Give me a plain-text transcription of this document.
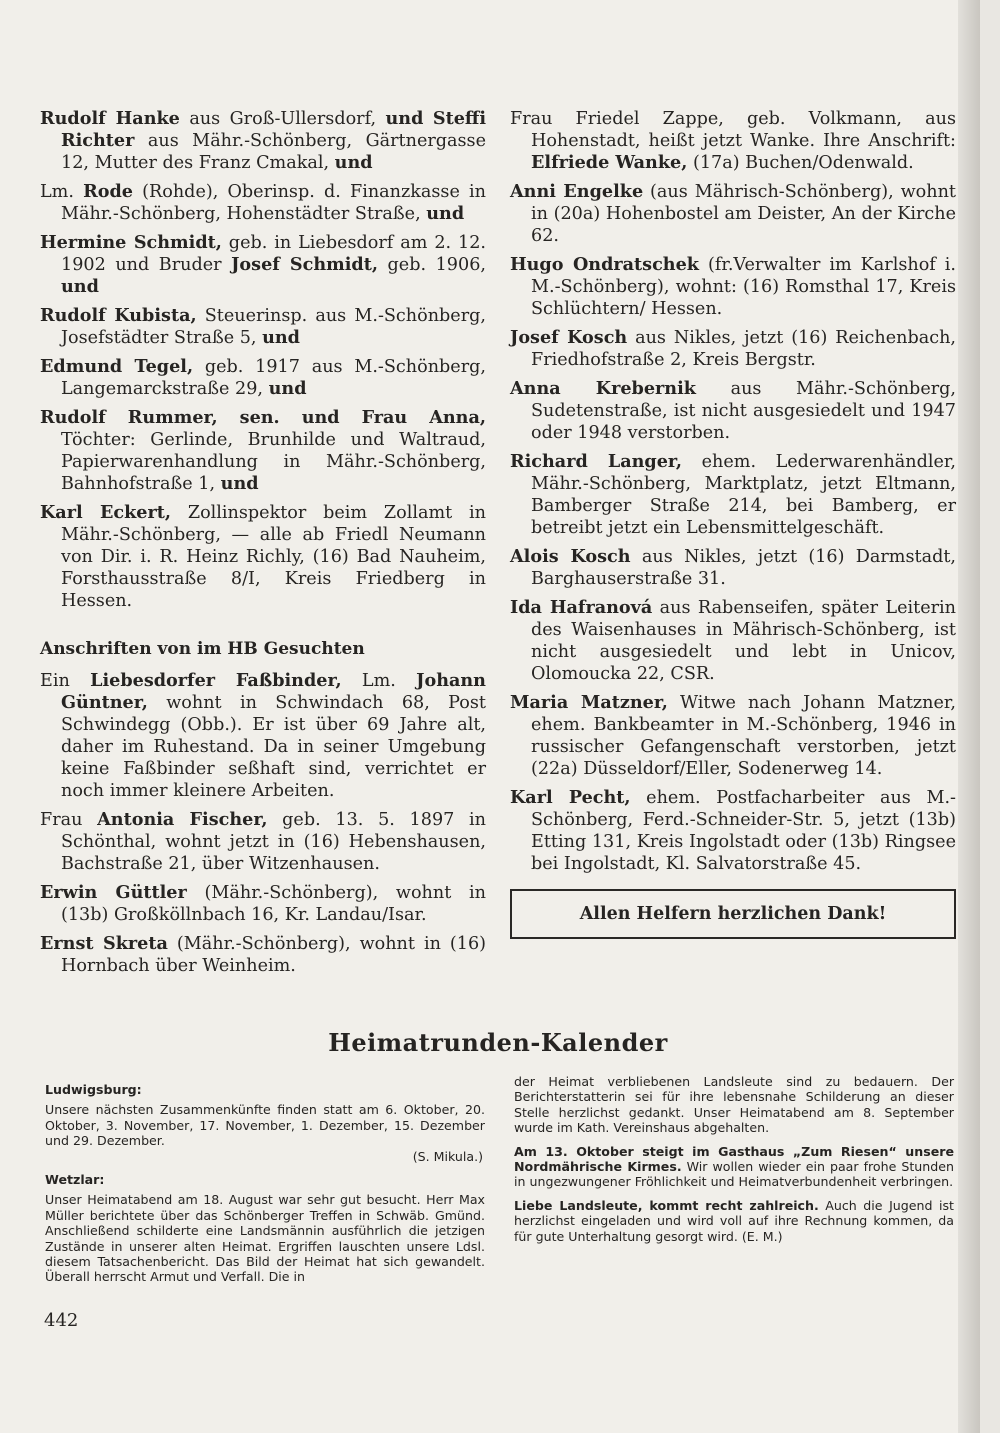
Rudolf Hanke aus Groß-Ullersdorf, und Steffi Richter aus Mähr.-Schönberg, Gärtnergasse 12, Mutter des Franz Cmakal, und
Lm. Rode (Rohde), Oberinsp. d. Finanzkasse in Mähr.-Schönberg, Hohenstädter Straße, und
Hermine Schmidt, geb. in Liebesdorf am 2. 12. 1902 und Bruder Josef Schmidt, geb. 1906, und
Rudolf Kubista, Steuerinsp. aus M.-Schönberg, Josefstädter Straße 5, und
Edmund Tegel, geb. 1917 aus M.-Schönberg, Langemarckstraße 29, und
Rudolf Rummer, sen. und Frau Anna, Töchter: Gerlinde, Brunhilde und Waltraud, Papierwarenhandlung in Mähr.-Schönberg, Bahnhofstraße 1, und
Karl Eckert, Zollinspektor beim Zollamt in Mähr.-Schönberg, — alle ab Friedl Neumann von Dir. i. R. Heinz Richly, (16) Bad Nauheim, Forsthausstraße 8/I, Kreis Friedberg in Hessen.
Anschriften von im HB Gesuchten
Ein Liebesdorfer Faßbinder, Lm. Johann Güntner, wohnt in Schwindach 68, Post Schwindegg (Obb.). Er ist über 69 Jahre alt, daher im Ruhestand. Da in seiner Umgebung keine Faßbinder seßhaft sind, verrichtet er noch immer kleinere Arbeiten.
Frau Antonia Fischer, geb. 13. 5. 1897 in Schönthal, wohnt jetzt in (16) Hebenshausen, Bachstraße 21, über Witzenhausen.
Erwin Güttler (Mähr.-Schönberg), wohnt in (13b) Großköllnbach 16, Kr. Landau/Isar.
Ernst Skreta (Mähr.-Schönberg), wohnt in (16) Hornbach über Weinheim.
Frau Friedel Zappe, geb. Volkmann, aus Hohenstadt, heißt jetzt Wanke. Ihre Anschrift: Elfriede Wanke, (17a) Buchen/Odenwald.
Anni Engelke (aus Mährisch-Schönberg), wohnt in (20a) Hohenbostel am Deister, An der Kirche 62.
Hugo Ondratschek (fr.Verwalter im Karlshof i. M.-Schönberg), wohnt: (16) Romsthal 17, Kreis Schlüchtern/ Hessen.
Josef Kosch aus Nikles, jetzt (16) Reichenbach, Friedhofstraße 2, Kreis Bergstr.
Anna Krebernik aus Mähr.-Schönberg, Sudetenstraße, ist nicht ausgesiedelt und 1947 oder 1948 verstorben.
Richard Langer, ehem. Lederwarenhändler, Mähr.-Schönberg, Marktplatz, jetzt Eltmann, Bamberger Straße 214, bei Bamberg, er betreibt jetzt ein Lebensmittelgeschäft.
Alois Kosch aus Nikles, jetzt (16) Darmstadt, Barghauserstraße 31.
Ida Hafranová aus Rabenseifen, später Leiterin des Waisenhauses in Mährisch-Schönberg, ist nicht ausgesiedelt und lebt in Unicov, Olomoucka 22, CSR.
Maria Matzner, Witwe nach Johann Matzner, ehem. Bankbeamter in M.-Schönberg, 1946 in russischer Gefangenschaft verstorben, jetzt (22a) Düsseldorf/Eller, Sodenerweg 14.
Karl Pecht, ehem. Postfacharbeiter aus M.-Schönberg, Ferd.-Schneider-Str. 5, jetzt (13b) Etting 131, Kreis Ingolstadt oder (13b) Ringsee bei Ingolstadt, Kl. Salvatorstraße 45.
Allen Helfern herzlichen Dank!
Heimatrunden-Kalender
Ludwigsburg:

Unsere nächsten Zusammenkünfte finden statt am 6. Oktober, 20. Oktober, 3. November, 17. November, 1. Dezember, 15. Dezember und 29. Dezember.

(S. Mikula.)

Wetzlar:

Unser Heimatabend am 18. August war sehr gut besucht. Herr Max Müller berichtete über das Schönberger Treffen in Schwäb. Gmünd. Anschließend schilderte eine Landsmännin ausführlich die jetzigen Zustände in unserer alten Heimat. Ergriffen lauschten unsere Ldsl. diesem Tatsachenbericht. Das Bild der Heimat hat sich gewandelt. Überall herrscht Armut und Verfall. Die in

der Heimat verbliebenen Landsleute sind zu bedauern. Der Berichterstatterin sei für ihre lebensnahe Schilderung an dieser Stelle herzlichst gedankt. Unser Heimatabend am 8. September wurde im Kath. Vereinshaus abgehalten.

Am 13. Oktober steigt im Gasthaus „Zum Riesen“ unsere Nordmährische Kirmes. Wir wollen wieder ein paar frohe Stunden in ungezwungener Fröhlichkeit und Heimatverbundenheit verbringen.

Liebe Landsleute, kommt recht zahlreich. Auch die Jugend ist herzlichst eingeladen und wird voll auf ihre Rechnung kommen, da für gute Unterhaltung gesorgt wird. (E. M.)

442
